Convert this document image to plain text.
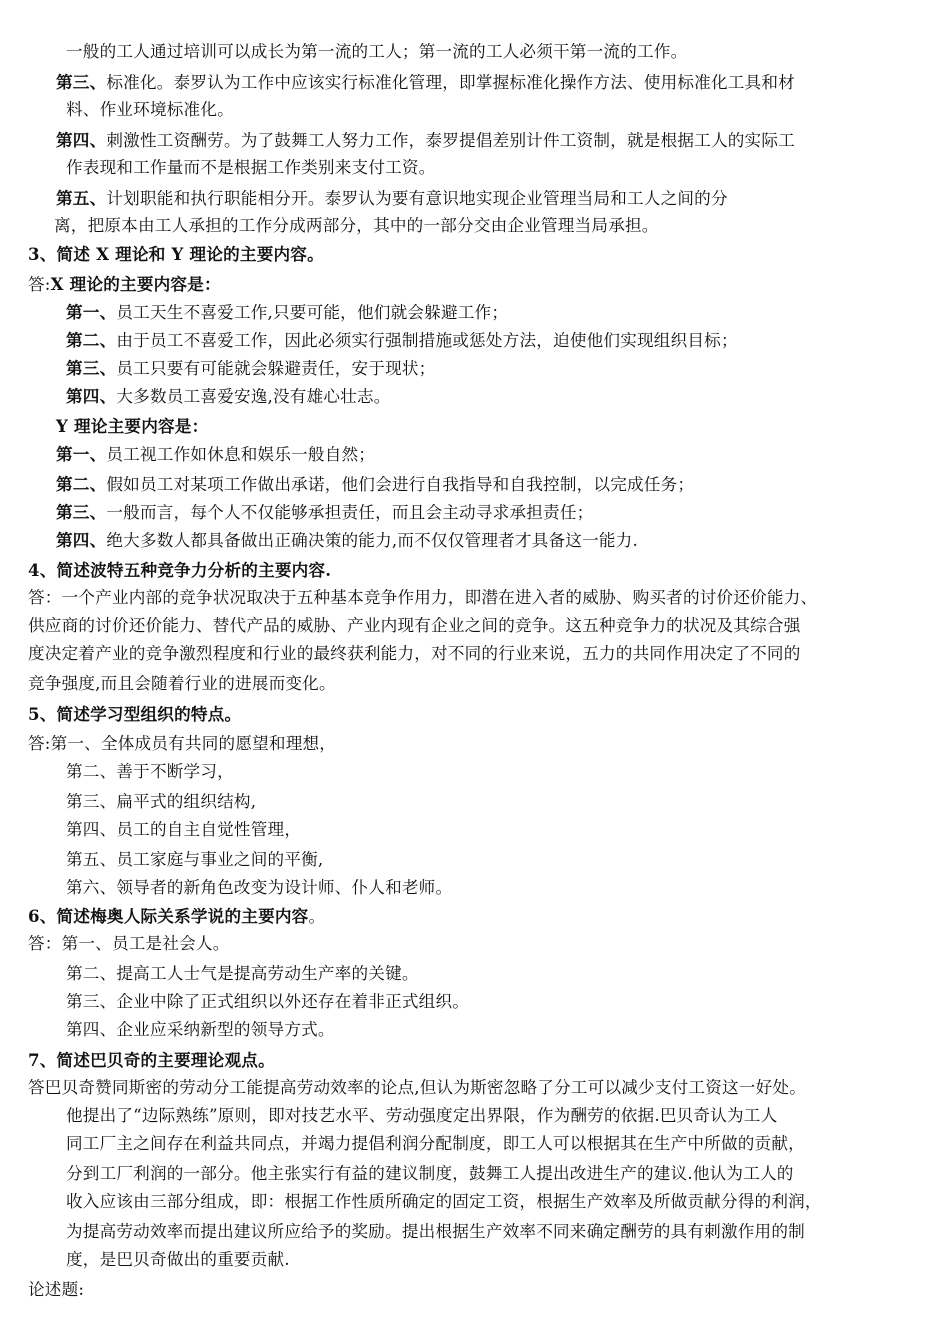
一般的工人通过培训可以成长为第一流的工人；第一流的工人必须干第一流的工作。
第三、标准化。泰罗认为工作中应该实行标准化管理，即掌握标准化操作方法、使用标准化工具和材
料、作业环境标准化。
第四、刺激性工资酬劳。为了鼓舞工人努力工作，泰罗提倡差别计件工资制，就是根据工人的实际工
作表现和工作量而不是根据工作类别来支付工资。
第五、计划职能和执行职能相分开。泰罗认为要有意识地实现企业管理当局和工人之间的分
离，把原本由工人承担的工作分成两部分，其中的一部分交由企业管理当局承担。
3、简述 X 理论和 Y 理论的主要内容。
答:X 理论的主要内容是：
第一、员工天生不喜爱工作,只要可能，他们就会躲避工作；
第二、由于员工不喜爱工作，因此必须实行强制措施或惩处方法，迫使他们实现组织目标；
第三、员工只要有可能就会躲避责任，安于现状；
第四、大多数员工喜爱安逸,没有雄心壮志。
Y 理论主要内容是：
第一、员工视工作如休息和娱乐一般自然；
第二、假如员工对某项工作做出承诺，他们会进行自我指导和自我控制，以完成任务；
第三、一般而言，每个人不仅能够承担责任，而且会主动寻求承担责任；
第四、绝大多数人都具备做出正确决策的能力,而不仅仅管理者才具备这一能力.
4、简述波特五种竞争力分析的主要内容.
答：一个产业内部的竞争状况取决于五种基本竞争作用力，即潜在进入者的威胁、购买者的讨价还价能力、
供应商的讨价还价能力、替代产品的威胁、产业内现有企业之间的竞争。这五种竞争力的状况及其综合强
度决定着产业的竞争激烈程度和行业的最终获利能力，对不同的行业来说，五力的共同作用决定了不同的
竞争强度,而且会随着行业的进展而变化。
5、简述学习型组织的特点。
答:第一、全体成员有共同的愿望和理想，
第二、善于不断学习，
第三、扁平式的组织结构,
第四、员工的自主自觉性管理，
第五、员工家庭与事业之间的平衡,
第六、领导者的新角色改变为设计师、仆人和老师。
6、简述梅奥人际关系学说的主要内容。
答：第一、员工是社会人。
第二、提高工人士气是提高劳动生产率的关键。
第三、企业中除了正式组织以外还存在着非正式组织。
第四、企业应采纳新型的领导方式。
7、简述巴贝奇的主要理论观点。
答巴贝奇赞同斯密的劳动分工能提高劳动效率的论点,但认为斯密忽略了分工可以减少支付工资这一好处。
他提出了“边际熟练”原则，即对技艺水平、劳动强度定出界限，作为酬劳的依据.巴贝奇认为工人
同工厂主之间存在利益共同点，并竭力提倡利润分配制度，即工人可以根据其在生产中所做的贡献，
分到工厂利润的一部分。他主张实行有益的建议制度，鼓舞工人提出改进生产的建议.他认为工人的
收入应该由三部分组成，即：根据工作性质所确定的固定工资，根据生产效率及所做贡献分得的利润，
为提高劳动效率而提出建议所应给予的奖励。提出根据生产效率不同来确定酬劳的具有刺激作用的制
度，是巴贝奇做出的重要贡献.
论述题:
